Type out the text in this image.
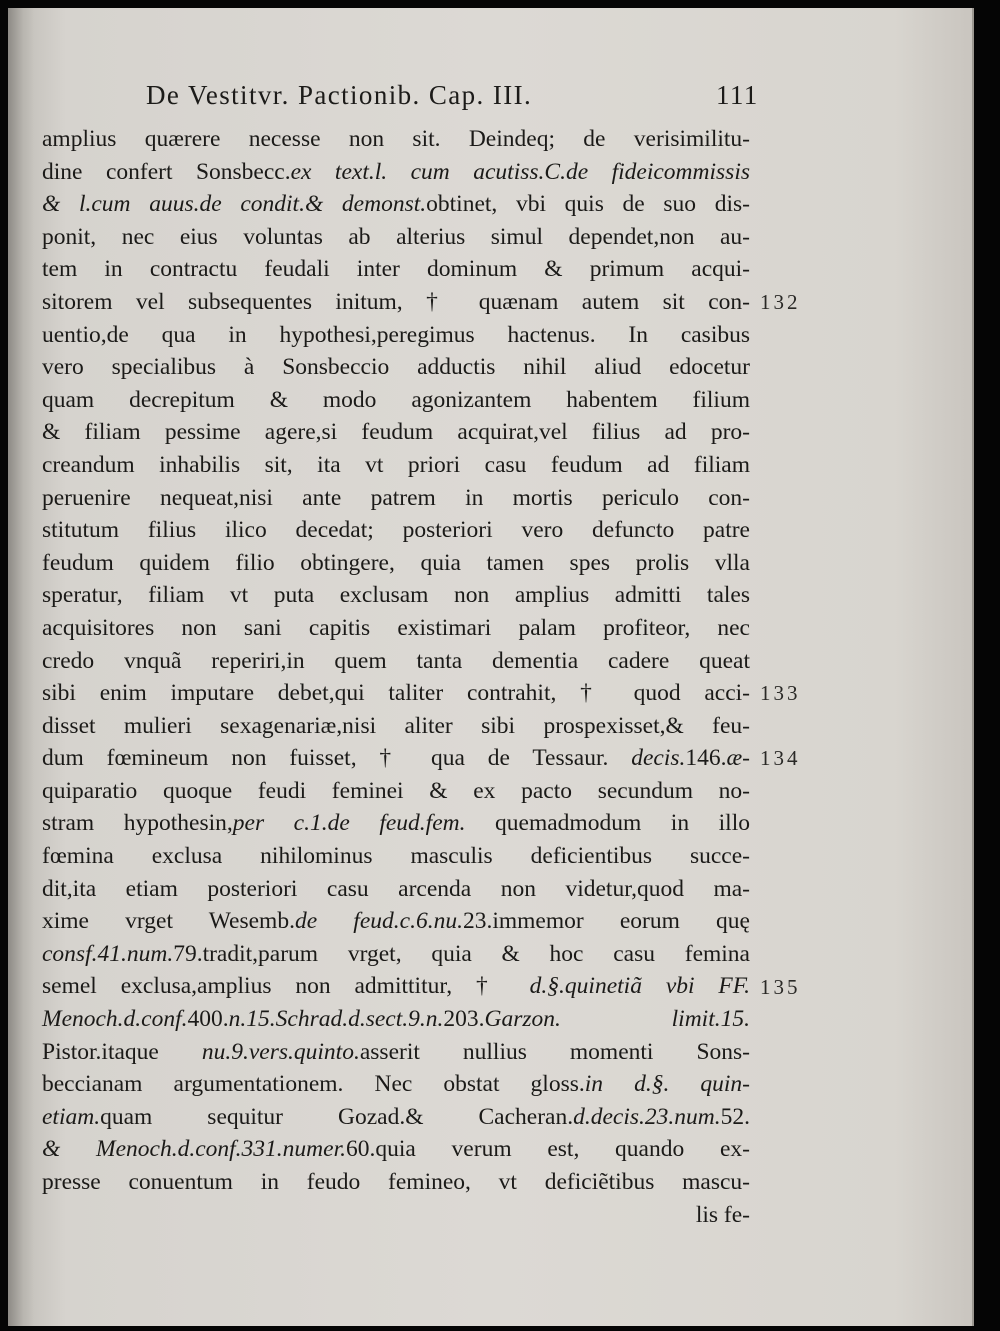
De Vestitvr. Pactionib. Cap. III.	111
amplius quærere necesse non sit. Deindeq; de verisimilitu-
dine confert Sonsbecc.ex text.l. cum acutiss.C.de fideicommissis
& l.cum auus.de condit.& demonst.obtinet, vbi quis de suo dis-
ponit, nec eius voluntas ab alterius simul dependet,non au-
tem in contractu feudali inter dominum & primum acqui-
sitorem vel subsequentes initum, † quænam autem sit con-
uentio,de qua in hypothesi,peregimus hactenus. In casibus
vero specialibus à Sonsbeccio adductis nihil aliud edocetur
quam decrepitum & modo agonizantem habentem filium
& filiam pessime agere,si feudum acquirat,vel filius ad pro-
creandum inhabilis sit, ita vt priori casu feudum ad filiam
peruenire nequeat,nisi ante patrem in mortis periculo con-
stitutum filius ilico decedat; posteriori vero defuncto patre
feudum quidem filio obtingere, quia tamen spes prolis vlla
speratur, filiam vt puta exclusam non amplius admitti tales
acquisitores non sani capitis existimari palam profiteor, nec
credo vnquã reperiri,in quem tanta dementia cadere queat
sibi enim imputare debet,qui taliter contrahit, † quod acci-
disset mulieri sexagenariæ,nisi aliter sibi prospexisset,& feu-
dum fœmineum non fuisset, † qua de Tessaur. decis.146.æ-
quiparatio quoque feudi feminei & ex pacto secundum no-
stram hypothesin,per c.1.de feud.fem. quemadmodum in illo
fœmina exclusa nihilominus masculis deficientibus succe-
dit,ita etiam posteriori casu arcenda non videtur,quod ma-
xime vrget Wesemb.de feud.c.6.nu.23.immemor eorum quę
consf.41.num.79.tradit,parum vrget, quia & hoc casu femina
semel exclusa,amplius non admittitur, † d.§.quinetiã vbi FF.
Menoch.d.conf.400.n.15.Schrad.d.sect.9.n.203.Garzon. limit.15.
Pistor.itaque nu.9.vers.quinto.asserit nullius momenti Sons-
beccianam argumentationem. Nec obstat gloss.in d.§. quin-
etiam.quam sequitur Gozad.& Cacheran.d.decis.23.num.52.
& Menoch.d.conf.331.numer.60.quia verum est, quando ex-
presse conuentum in feudo femineo, vt deficiẽtibus mascu-
lis fe-
132
133
134
135
